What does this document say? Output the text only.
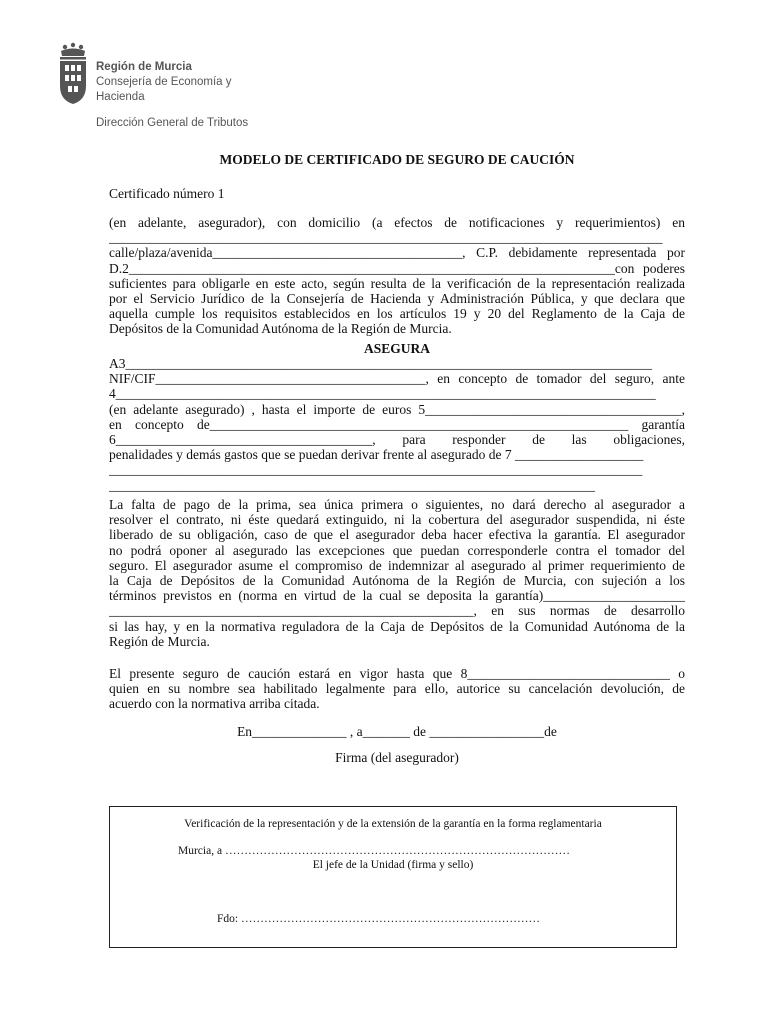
Región de Murcia
Consejería de Economía y Hacienda
Dirección General de Tributos
MODELO DE CERTIFICADO DE SEGURO DE CAUCIÓN
Certificado número 1
(en adelante, asegurador), con domicilio (a efectos de notificaciones y requerimientos) en
__________________________________________________________________________________
calle/plaza/avenida_____________________________________, C.P. debidamente representada por
D.2________________________________________________________________________con poderes
suficientes para obligarle en este acto, según resulta de la verificación de la representación realizada
por el Servicio Jurídico de la Consejería de Hacienda y Administración Pública, y que declara que
aquella cumple los requisitos establecidos en los artículos 19 y 20 del Reglamento de la Caja de
Depósitos de la Comunidad Autónoma de la Región de Murcia.
ASEGURA
A3______________________________________________________________________________
NIF/CIF________________________________________, en concepto de tomador del seguro, ante
4________________________________________________________________________________
(en adelante asegurado) , hasta el importe de euros 5______________________________________,
en concepto de______________________________________________________________ garantía
6______________________________________, para responder de las obligaciones,
penalidades y demás gastos que se puedan derivar frente al asegurado de 7 ___________________
_______________________________________________________________________________
________________________________________________________________________
La falta de pago de la prima, sea única primera o siguientes, no dará derecho al asegurador a
resolver el contrato, ni éste quedará extinguido, ni la cobertura del asegurador suspendida, ni éste
liberado de su obligación, caso de que el asegurador deba hacer efectiva la garantía. El asegurador
no podrá oponer al asegurado las excepciones que puedan corresponderle contra el tomador del
seguro. El asegurador asume el compromiso de indemnizar al asegurado al primer requerimiento de
la Caja de Depósitos de la Comunidad Autónoma de la Región de Murcia, con sujeción a los
términos previstos en (norma en virtud de la cual se deposita la garantía)_____________________
______________________________________________________, en sus normas de desarrollo
si las hay, y en la normativa reguladora de la Caja de Depósitos de la Comunidad Autónoma de la
Región de Murcia.
El presente seguro de caución estará en vigor hasta que 8______________________________ o
quien en su nombre sea habilitado legalmente para ello, autorice su cancelación devolución, de
acuerdo con la normativa arriba citada.
En______________ , a_______ de _________________de
Firma (del asegurador)
Verificación de la representación y de la extensión de la garantía en la forma reglamentaria
Murcia, a ………………………………………………………………………………
El jefe de la Unidad (firma y sello)
Fdo: ……………………………………………………………………
